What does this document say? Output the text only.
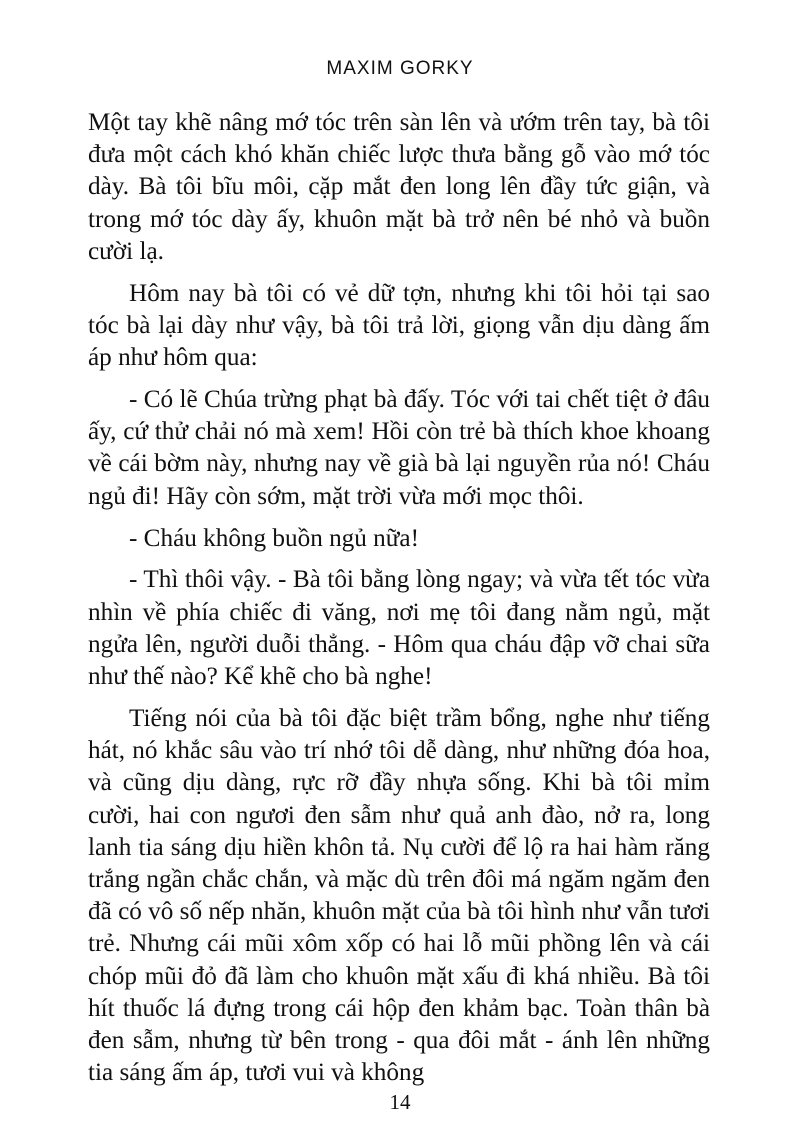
MAXIM GORKY

Một tay khẽ nâng mớ tóc trên sàn lên và ướm trên tay, bà tôi đưa một cách khó khăn chiếc lược thưa bằng gỗ vào mớ tóc dày. Bà tôi bĩu môi, cặp mắt đen long lên đầy tức giận, và trong mớ tóc dày ấy, khuôn mặt bà trở nên bé nhỏ và buồn cười lạ.

Hôm nay bà tôi có vẻ dữ tợn, nhưng khi tôi hỏi tại sao tóc bà lại dày như vậy, bà tôi trả lời, giọng vẫn dịu dàng ấm áp như hôm qua:

- Có lẽ Chúa trừng phạt bà đấy. Tóc với tai chết tiệt ở đâu ấy, cứ thử chải nó mà xem! Hồi còn trẻ bà thích khoe khoang về cái bờm này, nhưng nay về già bà lại nguyền rủa nó! Cháu ngủ đi! Hãy còn sớm, mặt trời vừa mới mọc thôi.

- Cháu không buồn ngủ nữa!

- Thì thôi vậy. - Bà tôi bằng lòng ngay; và vừa tết tóc vừa nhìn về phía chiếc đi văng, nơi mẹ tôi đang nằm ngủ, mặt ngửa lên, người duỗi thẳng. - Hôm qua cháu đập vỡ chai sữa như thế nào? Kể khẽ cho bà nghe!

Tiếng nói của bà tôi đặc biệt trầm bổng, nghe như tiếng hát, nó khắc sâu vào trí nhớ tôi dễ dàng, như những đóa hoa, và cũng dịu dàng, rực rỡ đầy nhựa sống. Khi bà tôi mỉm cười, hai con ngươi đen sẫm như quả anh đào, nở ra, long lanh tia sáng dịu hiền khôn tả. Nụ cười để lộ ra hai hàm răng trắng ngần chắc chắn, và mặc dù trên đôi má ngăm ngăm đen đã có vô số nếp nhăn, khuôn mặt của bà tôi hình như vẫn tươi trẻ. Nhưng cái mũi xôm xốp có hai lỗ mũi phồng lên và cái chóp mũi đỏ đã làm cho khuôn mặt xấu đi khá nhiều. Bà tôi hít thuốc lá đựng trong cái hộp đen khảm bạc. Toàn thân bà đen sẫm, nhưng từ bên trong - qua đôi mắt - ánh lên những tia sáng ấm áp, tươi vui và không

14
